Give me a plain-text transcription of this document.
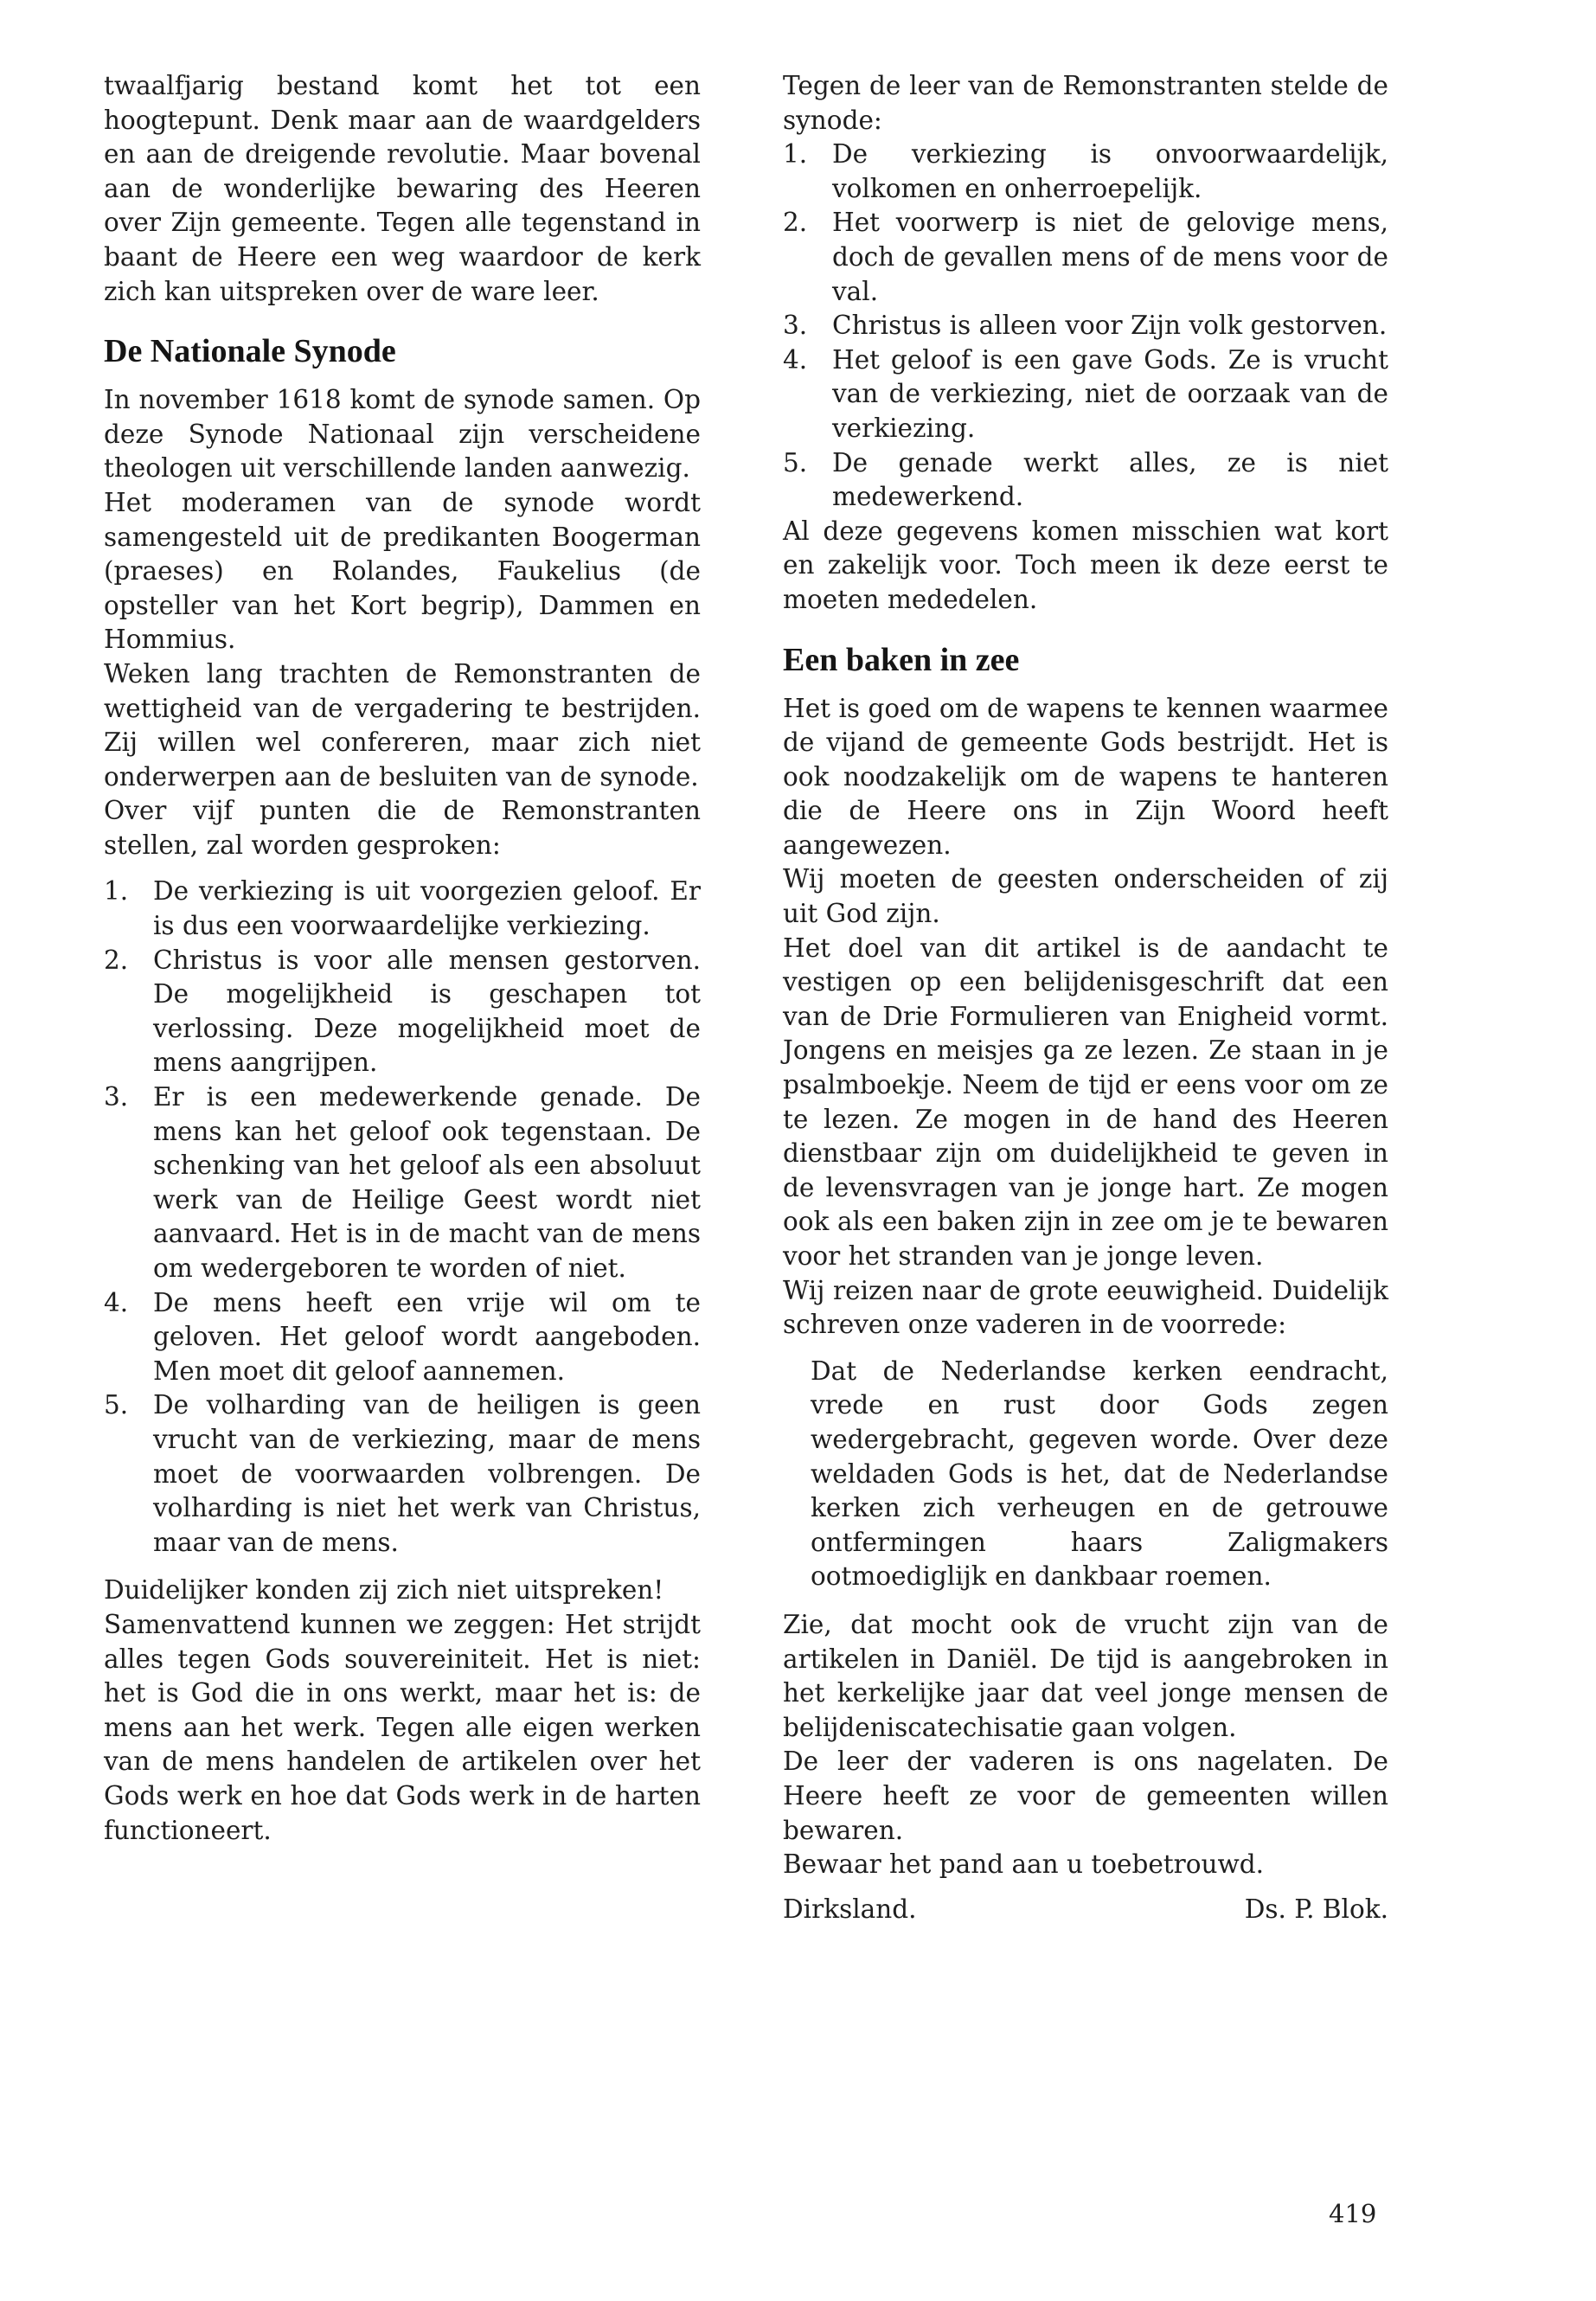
twaalfjarig bestand komt het tot een hoogtepunt. Denk maar aan de waardgelders en aan de dreigende revolutie. Maar bovenal aan de wonderlijke bewaring des Heeren over Zijn gemeente. Tegen alle tegenstand in baant de Heere een weg waardoor de kerk zich kan uitspreken over de ware leer.

De Nationale Synode

In november 1618 komt de synode samen. Op deze Synode Nationaal zijn verscheidene theologen uit verschillende landen aanwezig.

Het moderamen van de synode wordt samengesteld uit de predikanten Boogerman (praeses) en Rolandes, Faukelius (de opsteller van het Kort begrip), Dammen en Hommius.

Weken lang trachten de Remonstranten de wettigheid van de vergadering te bestrijden. Zij willen wel confereren, maar zich niet onderwerpen aan de besluiten van de synode.

Over vijf punten die de Remonstranten stellen, zal worden gesproken:

1. De verkiezing is uit voorgezien geloof. Er is dus een voorwaardelijke verkiezing.
2. Christus is voor alle mensen gestorven. De mogelijkheid is geschapen tot verlossing. Deze mogelijkheid moet de mens aangrijpen.
3. Er is een medewerkende genade. De mens kan het geloof ook tegenstaan. De schenking van het geloof als een absoluut werk van de Heilige Geest wordt niet aanvaard. Het is in de macht van de mens om wedergeboren te worden of niet.
4. De mens heeft een vrije wil om te geloven. Het geloof wordt aangeboden. Men moet dit geloof aannemen.
5. De volharding van de heiligen is geen vrucht van de verkiezing, maar de mens moet de voorwaarden volbrengen. De volharding is niet het werk van Christus, maar van de mens.

Duidelijker konden zij zich niet uitspreken!

Samenvattend kunnen we zeggen: Het strijdt alles tegen Gods souvereiniteit. Het is niet: het is God die in ons werkt, maar het is: de mens aan het werk. Tegen alle eigen werken van de mens handelen de artikelen over het Gods werk en hoe dat Gods werk in de harten functioneert.

Tegen de leer van de Remonstranten stelde de synode:

1. De verkiezing is onvoorwaardelijk, volkomen en onherroepelijk.
2. Het voorwerp is niet de gelovige mens, doch de gevallen mens of de mens voor de val.
3. Christus is alleen voor Zijn volk gestorven.
4. Het geloof is een gave Gods. Ze is vrucht van de verkiezing, niet de oorzaak van de verkiezing.
5. De genade werkt alles, ze is niet medewerkend.

Al deze gegevens komen misschien wat kort en zakelijk voor. Toch meen ik deze eerst te moeten mededelen.

Een baken in zee

Het is goed om de wapens te kennen waarmee de vijand de gemeente Gods bestrijdt. Het is ook noodzakelijk om de wapens te hanteren die de Heere ons in Zijn Woord heeft aangewezen.

Wij moeten de geesten onderscheiden of zij uit God zijn.

Het doel van dit artikel is de aandacht te vestigen op een belijdenisgeschrift dat een van de Drie Formulieren van Enigheid vormt. Jongens en meisjes ga ze lezen. Ze staan in je psalmboekje. Neem de tijd er eens voor om ze te lezen. Ze mogen in de hand des Heeren dienstbaar zijn om duidelijkheid te geven in de levensvragen van je jonge hart. Ze mogen ook als een baken zijn in zee om je te bewaren voor het stranden van je jonge leven.

Wij reizen naar de grote eeuwigheid. Duidelijk schreven onze vaderen in de voorrede:

Dat de Nederlandse kerken eendracht, vrede en rust door Gods zegen wedergebracht, gegeven worde. Over deze weldaden Gods is het, dat de Nederlandse kerken zich verheugen en de getrouwe ontfermingen haars Zaligmakers ootmoediglijk en dankbaar roemen.

Zie, dat mocht ook de vrucht zijn van de artikelen in Daniël. De tijd is aangebroken in het kerkelijke jaar dat veel jonge mensen de belijdeniscatechisatie gaan volgen.

De leer der vaderen is ons nagelaten. De Heere heeft ze voor de gemeenten willen bewaren.

Bewaar het pand aan u toebetrouwd.

Dirksland.	Ds. P. Blok.
419
